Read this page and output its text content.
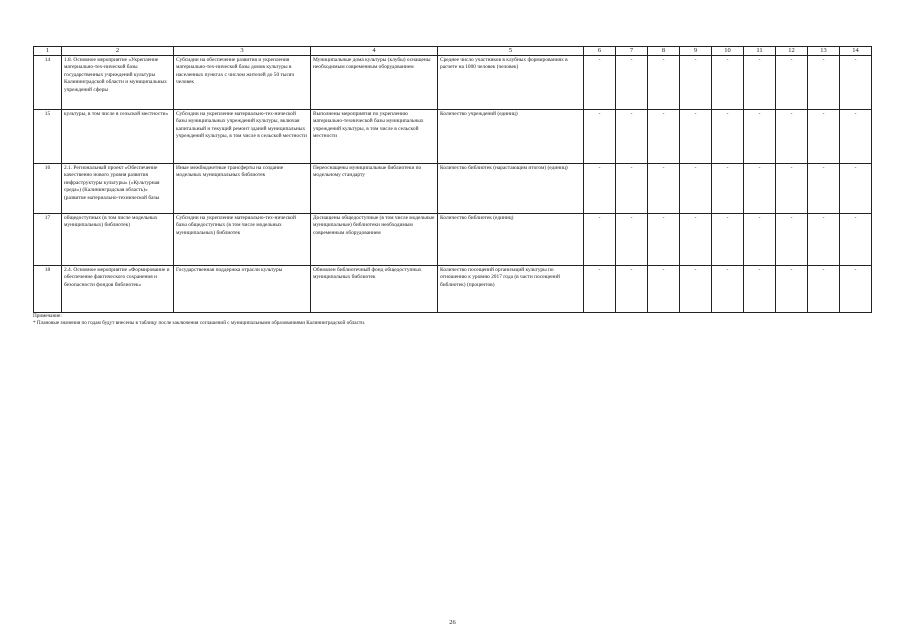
1	2	3	4	5	6	7	8	9	10	11	12	13	14
14	1.8. Основное мероприятие «Укрепление материально-тех-нической базы государственных учреждений культуры Калининградской области и муниципальных учреждений сферы	Субсидии на обеспечение развития и укрепления материально-тех-нической базы домов культуры в населенных пунктах с числом жителей до 50 тысяч человек	Муниципальные дома культуры (клубы) оснащены необходимым современным оборудованием	Среднее число участников в клубных формированиях в расчете на 1000 человек (человек)	-	-	-	-	-	-	-	-	-
15	культуры, в том числе в сельской местности»	Субсидии на укрепление материально-тех-нической базы муниципальных учреждений культуры, включая капитальный и текущий ремонт зданий муниципальных учреждений культуры, в том числе в сельской местности	Выполнены мероприятия по укреплению материально-технической базы муниципальных учреждений культуры, в том числе в сельской местности	Количество учреждений (единиц)	-	-	-	-	-	-	-	-	-
16	2.1. Региональный проект «Обеспечение качественно нового уровня развития инфраструктуры культуры» («Культурная среда») (Калининградская область)» (развитие материально-технической базы	Иные межбюджетные трансферты на создание модельных муниципальных библиотек	Переоснащены муниципальные библиотеки по модельному стандарту	Количество библиотек (нарастающим итогом) (единиц)	-	-	-	-	-	-	-	-	-
17	общедоступных (в том числе модельных муниципальных) библиотек)	Субсидии на укрепление материально-тех-нической базы общедоступных (в том числе модельных муниципальных) библиотек	Доснащены общедоступные (в том числе модельные муниципальные) библиотеки необходимым современным оборудованием	Количество библиотек (единиц)	-	-	-	-	-	-	-	-	-
18	2.4. Основное мероприятие «Формирование и обеспечение фактического сохранения и безопасности фондов библиотек»	Государственная поддержка отрасли культуры	Обновлен библиотечный фонд общедоступных муниципальных библиотек	Количество посещений организаций культуры по отношению к уровню 2017 года (в части посещений библиотек) (процентов)	-	-	-	-	-	-	-	-	-
Примечание:
* Плановые значения по годам будут внесены в таблицу после заключения соглашений с муниципальными образованиями Калининградской области.
26
